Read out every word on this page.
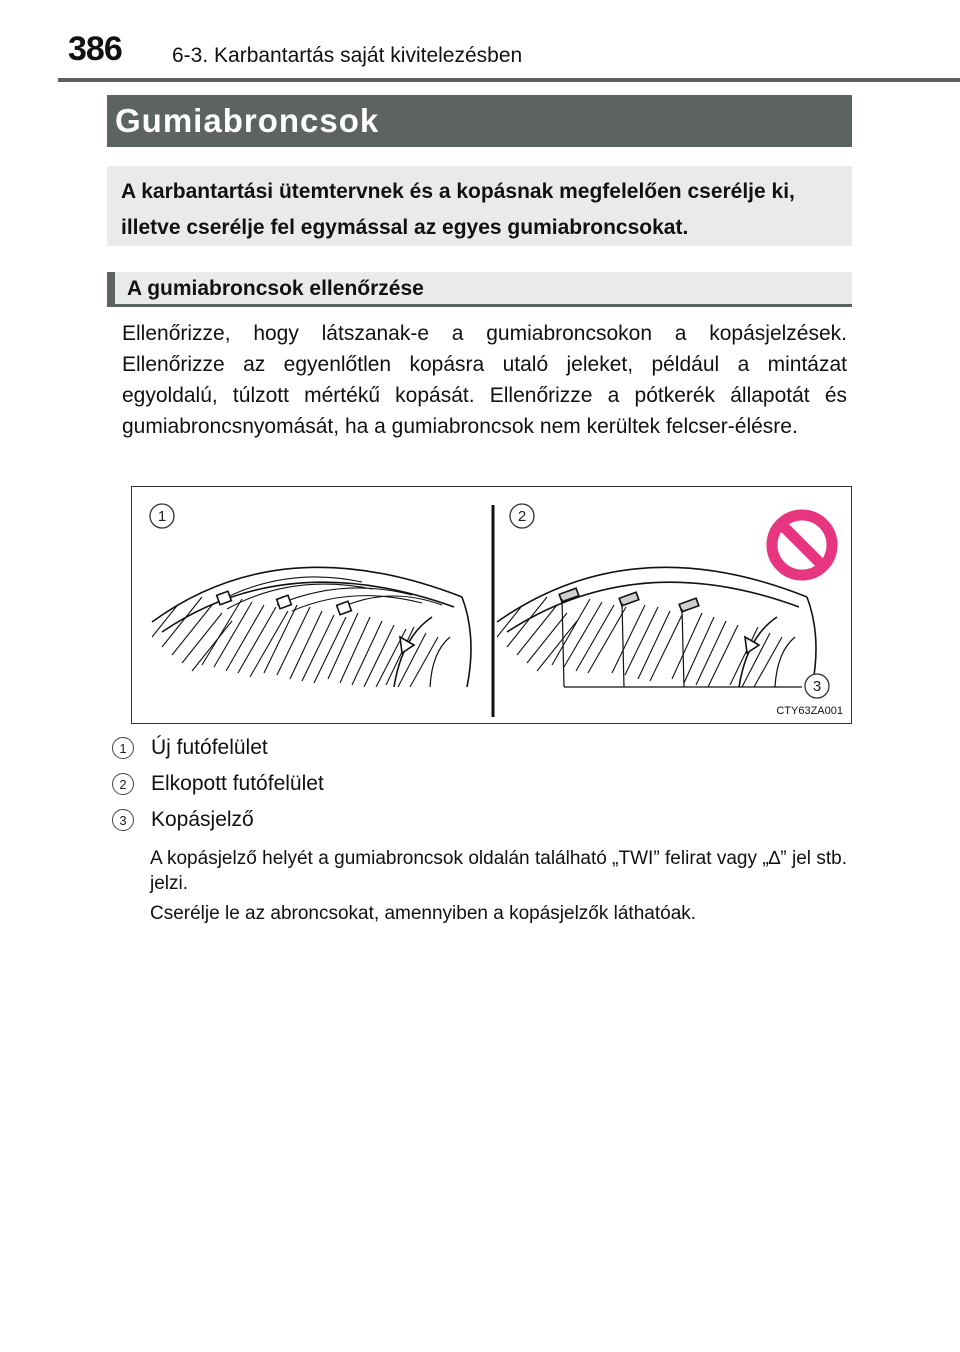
386 6-3. Karbantartás saját kivitelezésben
Gumiabroncsok
A karbantartási ütemtervnek és a kopásnak megfelelően cserélje ki, illetve cserélje fel egymással az egyes gumiabroncsokat.
A gumiabroncsok ellenőrzése
Ellenőrizze, hogy látszanak-e a gumiabroncsokon a kopásjelzések. Ellenőrizze az egyenlőtlen kopásra utaló jeleket, például a mintázat egyoldalú, túlzott mértékű kopását. Ellenőrizze a pótkerék állapotát és gumiabroncsnyomását, ha a gumiabroncsok nem kerültek felcser-élésre.
1	2
3
CTY63ZA001
1	Új futófelület
2	Elkopott futófelület
3	Kopásjelző
A kopásjelző helyét a gumiabroncsok oldalán található „TWI” felirat vagy „∆” jel stb. jelzi.
Cserélje le az abroncsokat, amennyiben a kopásjelzők láthatóak.
